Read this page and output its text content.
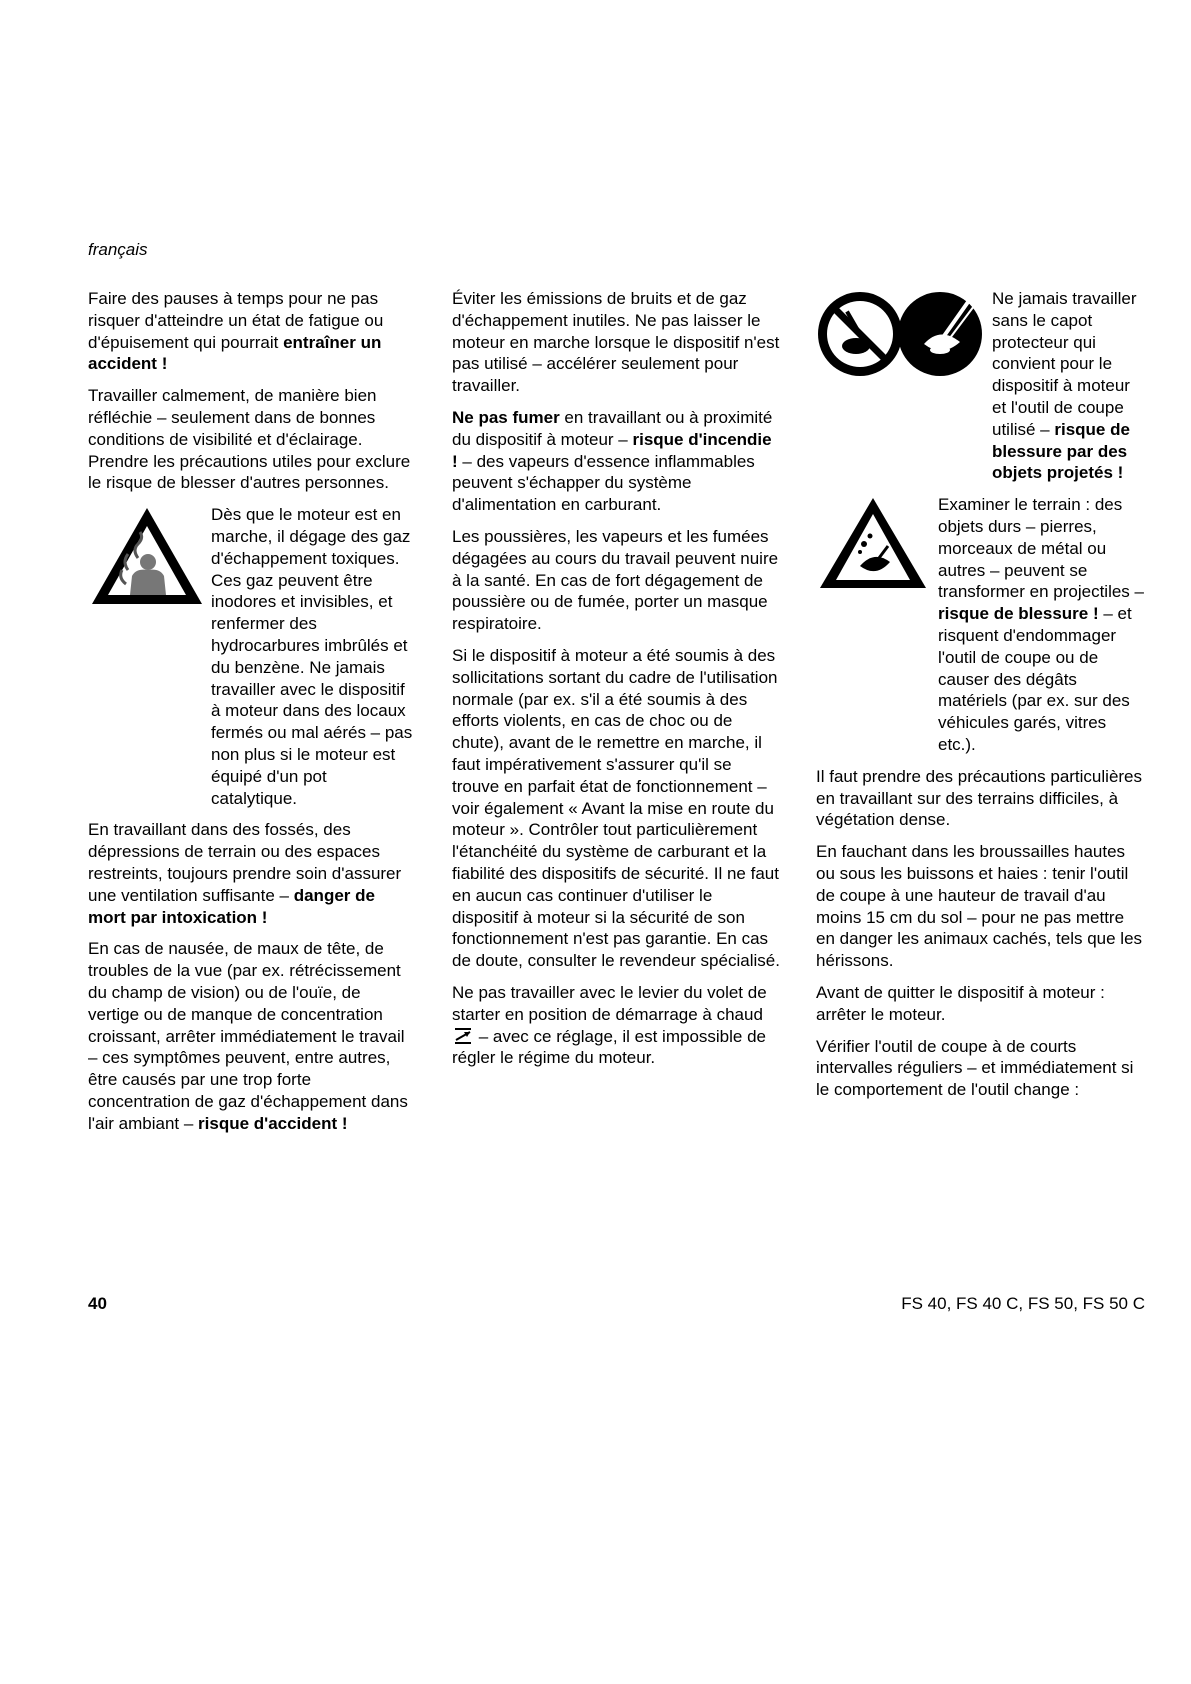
français

Faire des pauses à temps pour ne pas risquer d'atteindre un état de fatigue ou d'épuisement qui pourrait entraîner un accident !

Travailler calmement, de manière bien réfléchie – seulement dans de bonnes conditions de visibilité et d'éclairage. Prendre les précautions utiles pour exclure le risque de blesser d'autres personnes.

Dès que le moteur est en marche, il dégage des gaz d'échappement toxiques. Ces gaz peuvent être inodores et invisibles, et renfermer des hydrocarbures imbrûlés et du benzène. Ne jamais travailler avec le dispositif à moteur dans des locaux fermés ou mal aérés – pas non plus si le moteur est équipé d'un pot catalytique.

En travaillant dans des fossés, des dépressions de terrain ou des espaces restreints, toujours prendre soin d'assurer une ventilation suffisante – danger de mort par intoxication !

En cas de nausée, de maux de tête, de troubles de la vue (par ex. rétrécissement du champ de vision) ou de l'ouïe, de vertige ou de manque de concentration croissant, arrêter immédiatement le travail – ces symptômes peuvent, entre autres, être causés par une trop forte concentration de gaz d'échappement dans l'air ambiant – risque d'accident !

Éviter les émissions de bruits et de gaz d'échappement inutiles. Ne pas laisser le moteur en marche lorsque le dispositif n'est pas utilisé – accélérer seulement pour travailler.

Ne pas fumer en travaillant ou à proximité du dispositif à moteur – risque d'incendie ! – des vapeurs d'essence inflammables peuvent s'échapper du système d'alimentation en carburant.

Les poussières, les vapeurs et les fumées dégagées au cours du travail peuvent nuire à la santé. En cas de fort dégagement de poussière ou de fumée, porter un masque respiratoire.

Si le dispositif à moteur a été soumis à des sollicitations sortant du cadre de l'utilisation normale (par ex. s'il a été soumis à des efforts violents, en cas de choc ou de chute), avant de le remettre en marche, il faut impérativement s'assurer qu'il se trouve en parfait état de fonctionnement – voir également « Avant la mise en route du moteur ». Contrôler tout particulièrement l'étanchéité du système de carburant et la fiabilité des dispositifs de sécurité. Il ne faut en aucun cas continuer d'utiliser le dispositif à moteur si la sécurité de son fonctionnement n'est pas garantie. En cas de doute, consulter le revendeur spécialisé.

Ne pas travailler avec le levier du volet de starter en position de démarrage à chaud  – avec ce réglage, il est impossible de régler le régime du moteur.

Ne jamais travailler sans le capot protecteur qui convient pour le dispositif à moteur et l'outil de coupe utilisé – risque de blessure par des objets projetés !

Examiner le terrain : des objets durs – pierres, morceaux de métal ou autres – peuvent se transformer en projectiles – risque de blessure ! – et risquent d'endommager l'outil de coupe ou de causer des dégâts matériels (par ex. sur des véhicules garés, vitres etc.).

Il faut prendre des précautions particulières en travaillant sur des terrains difficiles, à végétation dense.

En fauchant dans les broussailles hautes ou sous les buissons et haies : tenir l'outil de coupe à une hauteur de travail d'au moins 15 cm du sol – pour ne pas mettre en danger les animaux cachés, tels que les hérissons.

Avant de quitter le dispositif à moteur : arrêter le moteur.

Vérifier l'outil de coupe à de courts intervalles réguliers – et immédiatement si le comportement de l'outil change :

40	FS 40, FS 40 C, FS 50, FS 50 C
